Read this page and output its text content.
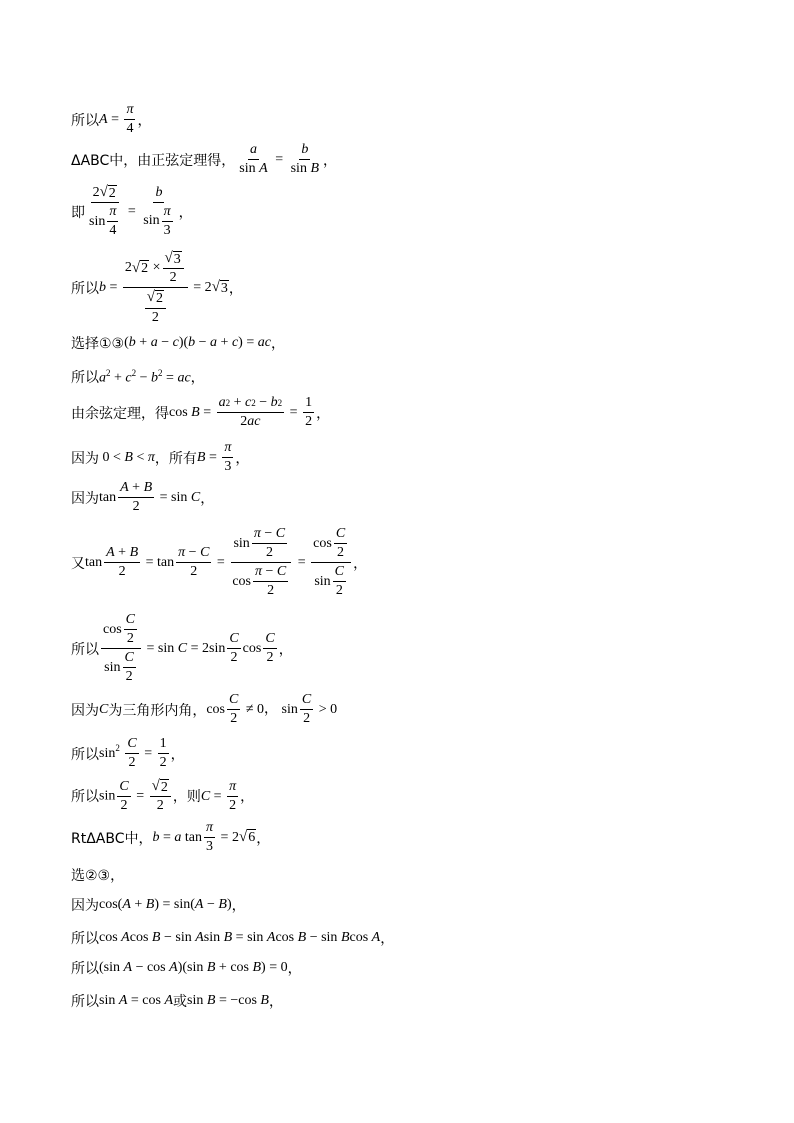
所以 $A = \frac{\pi}{4}$ ，
ΔABC中，由正弦定理得， $\frac{a}{\text{sin A}} = \frac{b}{\text{sin B}}$ ，
即 $\frac{2 √ 2}{\sin \frac{\pi}{4}} = \frac{b}{\sin \frac{\pi}{3}}$ ，
所以 $b = \frac{2 √ 2 \times \frac{√ 3}{2}}{\frac{√ 2}{2}} = 2$ √ 3 ，
选择①③ (b + a − c)(b − a + c) = ac ，
所以 $a^2 + c^2 - b^2$ = ac ，
由余弦定理，得 $\cos B = \frac{a 2 + c 2 - b 2}{2 ac} = \frac{1}{2}$ ，
因为 0 < B < π ，所有 $B = \frac{\pi}{3}$ ，
因为 $\tan \frac{A + B}{2} = \sin C$ ，
又 $\tan \frac{A + B}{2} = \tan \frac{\pi - C}{2} = \frac{\sin \frac{\pi - C}{2}}{\cos \frac{\pi - C}{2}} = \frac{\cos \frac{C}{2}}{\sin \frac{C}{2}}$ ，
所以 $\frac{\cos \frac{C}{2}}{\sin \frac{C}{2}} = \sin C = 2\sin \frac{C}{2}$ $\cos \frac{C}{2}$ ，
因为 C 为三角形内角， $\cos \frac{C}{2} \ne 0$， $\sin \frac{C}{2} > 0$
所以 $\sin^2 \frac{C}{2} = \frac{1}{2}$ ，
所以 $\sin \frac{C}{2} = \frac{√ 2}{2}$ ，则 $C = \frac{\pi}{2}$ ，
RtΔABC中， b = a $\tan \frac{\pi}{3} = 2$ √ 6 ，
选②③，
因为 cos(A + B) = sin(A − B) ，
所以 cos Acos B − sin Asin B = sin Acos B − sin Bcos A ，
所以 (sin A − cos A)(sin B + cos B) = 0 ，
所以 sin A = cos A 或 sin B = −cos B ，
